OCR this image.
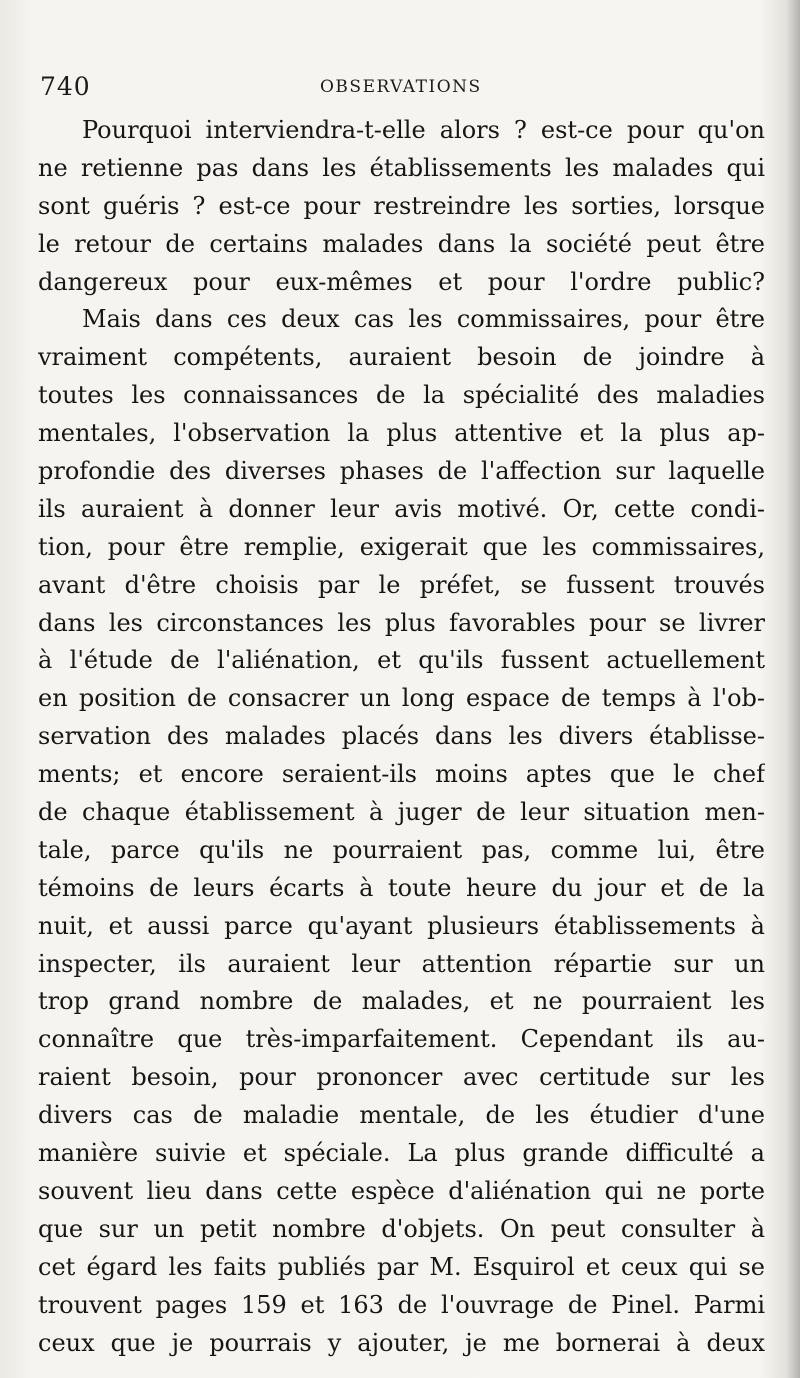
740	OBSERVATIONS
Pourquoi interviendra-t-elle alors ? est-ce pour qu'on
ne retienne pas dans les établissements les malades qui
sont guéris ? est-ce pour restreindre les sorties, lorsque
le retour de certains malades dans la société peut être
dangereux pour eux-mêmes et pour l'ordre public?
Mais dans ces deux cas les commissaires, pour être
vraiment compétents, auraient besoin de joindre à
toutes les connaissances de la spécialité des maladies
mentales, l'observation la plus attentive et la plus ap-
profondie des diverses phases de l'affection sur laquelle
ils auraient à donner leur avis motivé. Or, cette condi-
tion, pour être remplie, exigerait que les commissaires,
avant d'être choisis par le préfet, se fussent trouvés
dans les circonstances les plus favorables pour se livrer
à l'étude de l'aliénation, et qu'ils fussent actuellement
en position de consacrer un long espace de temps à l'ob-
servation des malades placés dans les divers établisse-
ments; et encore seraient-ils moins aptes que le chef
de chaque établissement à juger de leur situation men-
tale, parce qu'ils ne pourraient pas, comme lui, être
témoins de leurs écarts à toute heure du jour et de la
nuit, et aussi parce qu'ayant plusieurs établissements à
inspecter, ils auraient leur attention répartie sur un
trop grand nombre de malades, et ne pourraient les
connaître que très-imparfaitement. Cependant ils au-
raient besoin, pour prononcer avec certitude sur les
divers cas de maladie mentale, de les étudier d'une
manière suivie et spéciale. La plus grande difficulté a
souvent lieu dans cette espèce d'aliénation qui ne porte
que sur un petit nombre d'objets. On peut consulter à
cet égard les faits publiés par M. Esquirol et ceux qui se
trouvent pages 159 et 163 de l'ouvrage de Pinel. Parmi
ceux que je pourrais y ajouter, je me bornerai à deux
